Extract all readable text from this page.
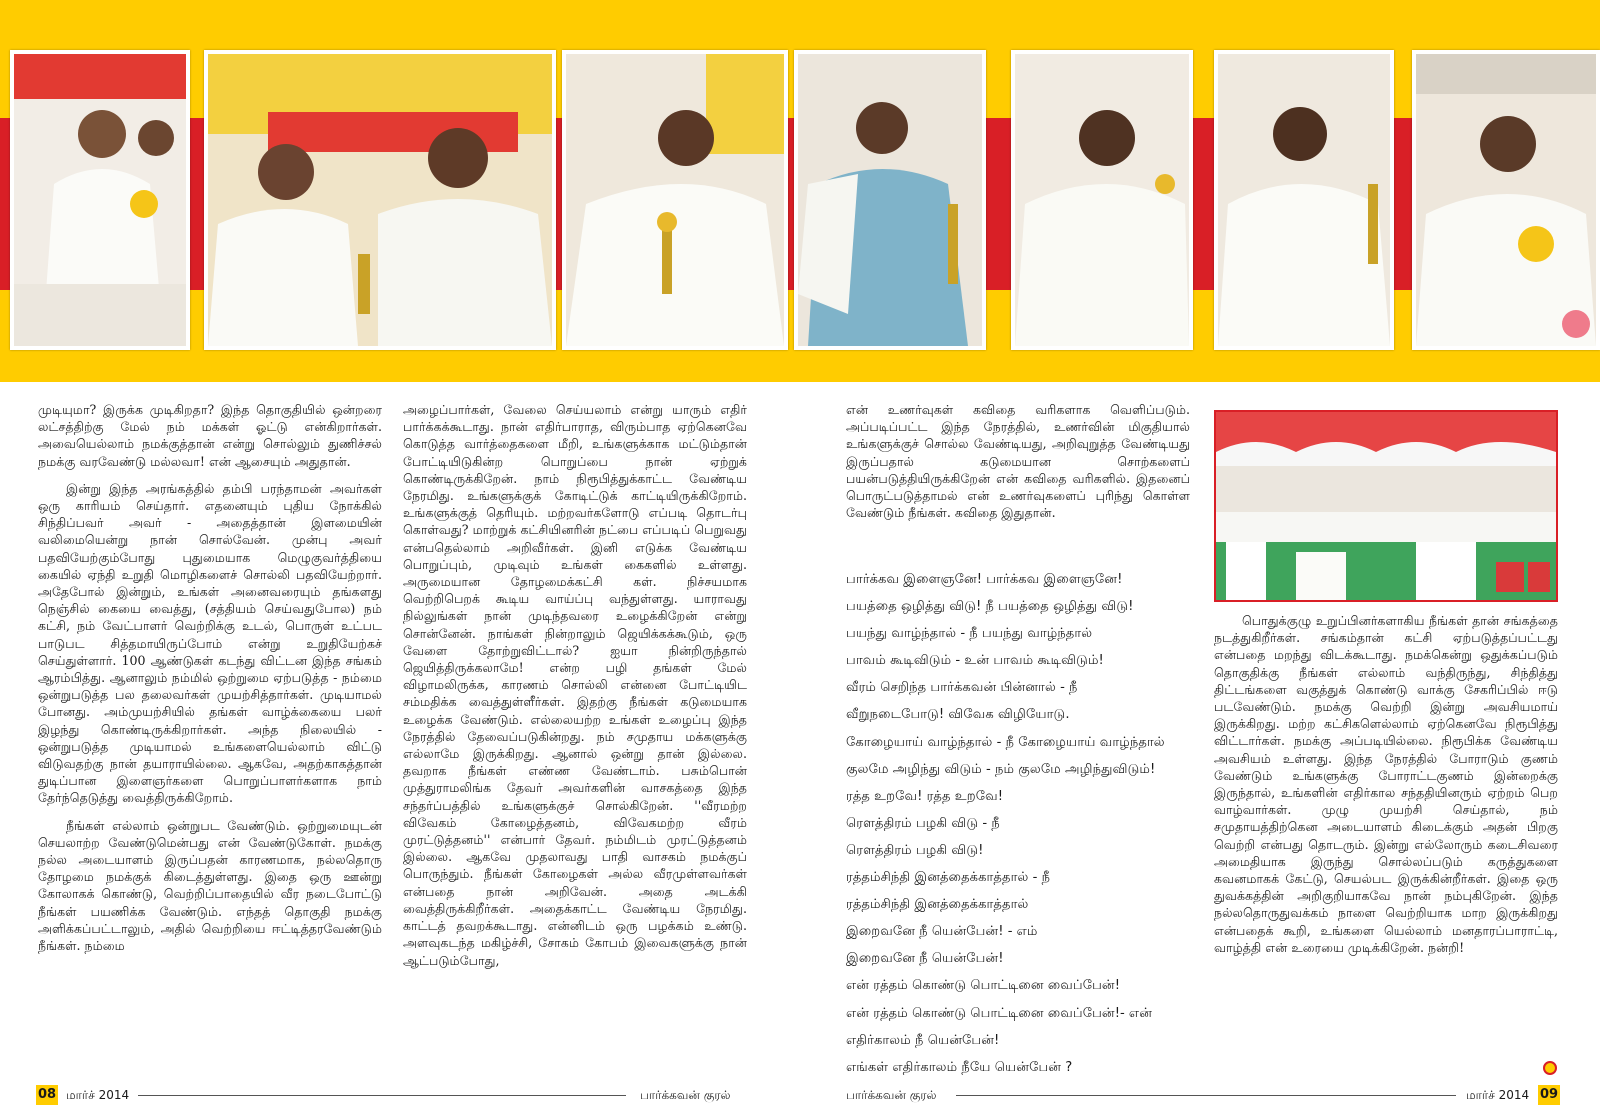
முடியுமா? இருக்க முடிகிறதா? இந்த தொகுதியில் ஒன்றரை லட்சத்திற்கு மேல் நம் மக்கள் ஓட்டு என்கிறார்கள். அவையெல்லாம் நமக்குத்தான் என்று சொல்லும் துணிச்சல் நமக்கு வரவேண்டு மல்லவா! என் ஆசையும் அதுதான்.

இன்று இந்த அரங்கத்தில் தம்பி பரந்தாமன் அவர்கள் ஒரு காரியம் செய்தார். எதனையும் புதிய நோக்கில் சிந்திப்பவர் அவர் - அதைத்தான் இளமையின் வலிமையென்று நான் சொல்வேன். முன்பு அவர் பதவியேற்கும்போது புதுமையாக மெழுகுவர்த்தியை கையில் ஏந்தி உறுதி மொழிகளைச் சொல்லி பதவியேற்றார். அதேபோல் இன்றும், உங்கள் அனைவரையும் தங்களது நெஞ்சில் கையை வைத்து, (சத்தியம் செய்வதுபோல) நம் கட்சி, நம் வேட்பாளர் வெற்றிக்கு உடல், பொருள் உட்பட பாடுபட சித்தமாயிருப்போம் என்று உறுதியேற்கச் செய்துள்ளார். 100 ஆண்டுகள் கடந்து விட்டன இந்த சங்கம் ஆரம்பித்து. ஆனாலும் நம்மில் ஒற்றுமை ஏற்படுத்த - நம்மை ஒன்றுபடுத்த பல தலைவர்கள் முயற்சித்தார்கள். முடியாமல் போனது. அம்முயற்சியில் தங்கள் வாழ்க்கையை பலர் இழந்து கொண்டிருக்கிறார்கள். அந்த நிலையில் - ஒன்றுபடுத்த முடியாமல் உங்களையெல்லாம் விட்டு விடுவதற்கு நான் தயாராயில்லை. ஆகவே, அதற்காகத்தான் துடிப்பான இளைஞர்களை பொறுப்பாளர்களாக நாம் தேர்ந்தெடுத்து வைத்திருக்கிறோம்.

நீங்கள் எல்லாம் ஒன்றுபட வேண்டும். ஒற்றுமையுடன் செயலாற்ற வேண்டுமென்பது என் வேண்டுகோள். நமக்கு நல்ல அடையாளம் இருப்பதன் காரணமாக, நல்லதொரு தோழமை நமக்குக் கிடைத்துள்ளது. இதை ஒரு ஊன்று கோலாகக் கொண்டு, வெற்றிப்பாதையில் வீர நடைபோட்டு நீங்கள் பயணிக்க வேண்டும். எந்தத் தொகுதி நமக்கு அளிக்கப்பட்டாலும், அதில் வெற்றியை ஈட்டித்தரவேண்டும் நீங்கள். நம்மை

அழைப்பார்கள், வேலை செய்யலாம் என்று யாரும் எதிர் பார்க்கக்கூடாது. நான் எதிர்பாராத, விரும்பாத ஏற்கெனவே கொடுத்த வார்த்தைகளை மீறி, உங்களுக்காக மட்டும்தான் போட்டியிடுகின்ற பொறுப்பை நான் ஏற்றுக் கொண்டிருக்கிறேன். நாம் நிரூபித்துக்காட்ட வேண்டிய நேரமிது. உங்களுக்குக் கோடிட்டுக் காட்டியிருக்கிறோம். உங்களுக்குத் தெரியும். மற்றவர்களோடு எப்படி தொடர்பு கொள்வது? மாற்றுக் கட்சியினரின் நட்பை எப்படிப் பெறுவது என்பதெல்லாம் அறிவீர்கள். இனி எடுக்க வேண்டிய பொறுப்பும், முடிவும் உங்கள் கைகளில் உள்ளது. அருமையான தோழமைக்கட்சி கள். நிச்சயமாக வெற்றிபெறக் கூடிய வாய்ப்பு வந்துள்ளது. யாராவது நில்லுங்கள் நான் முடிந்தவரை உழைக்கிறேன் என்று சொன்னேன். நாங்கள் நின்றாலும் ஜெயிக்கக்கூடும், ஒரு வேளை தோற்றுவிட்டால்? ஐயா நின்றிருந்தால் ஜெயித்திருக்கலாமே! என்ற பழி தங்கள் மேல் விழாமலிருக்க, காரணம் சொல்லி என்னை போட்டியிட சம்மதிக்க வைத்துள்ளீர்கள். இதற்கு நீங்கள் கடுமையாக உழைக்க வேண்டும். எல்லையற்ற உங்கள் உழைப்பு இந்த நேரத்தில் தேவைப்படுகின்றது. நம் சமுதாய மக்களுக்கு எல்லாமே இருக்கிறது. ஆனால் ஒன்று தான் இல்லை. தவறாக நீங்கள் எண்ண வேண்டாம். பசும்பொன் முத்துராமலிங்க தேவர் அவர்களின் வாசகத்தை இந்த சந்தர்ப்பத்தில் உங்களுக்குச் சொல்கிறேன். ''வீரமற்ற விவேகம் கோழைத்தனம், விவேகமற்ற வீரம் முரட்டுத்தனம்'' என்பார் தேவர். நம்மிடம் முரட்டுத்தனம் இல்லை. ஆகவே முதலாவது பாதி வாசகம் நமக்குப் பொருந்தும். நீங்கள் கோழைகள் அல்ல வீரமுள்ளவர்கள் என்பதை நான் அறிவேன். அதை அடக்கி வைத்திருக்கிறீர்கள். அதைக்காட்ட வேண்டிய நேரமிது. காட்டத் தவறக்கூடாது. என்னிடம் ஒரு பழக்கம் உண்டு. அளவுகடந்த மகிழ்ச்சி, சோகம் கோபம் இவைகளுக்கு நான் ஆட்படும்போது,

என் உணர்வுகள் கவிதை வரிகளாக வெளிப்படும். அப்படிப்பட்ட இந்த நேரத்தில், உணர்வின் மிகுதியால் உங்களுக்குச் சொல்ல வேண்டியது, அறிவுறுத்த வேண்டியது இருப்பதால் கடுமையான சொற்களைப் பயன்படுத்தியிருக்கிறேன் என் கவிதை வரிகளில். இதனைப் பொருட்படுத்தாமல் என் உணர்வுகளைப் புரிந்து கொள்ள வேண்டும் நீங்கள். கவிதை இதுதான்.

பார்க்கவ இளைஞனே! பார்க்கவ இளைஞனே!
பயத்தை ஒழித்து விடு! நீ பயத்தை ஒழித்து விடு!
பயந்து வாழ்ந்தால் - நீ பயந்து வாழ்ந்தால்
பாவம் கூடிவிடும் - உன் பாவம் கூடிவிடும்!
வீரம் செறிந்த பார்க்கவன் பின்னால் - நீ
வீறுநடைபோடு! விவேக விழியோடு.
கோழையாய் வாழ்ந்தால் - நீ கோழையாய் வாழ்ந்தால்
குலமே அழிந்து விடும் - நம் குலமே அழிந்துவிடும்!
ரத்த உறவே! ரத்த உறவே!
ரௌத்திரம் பழகி விடு - நீ
ரௌத்திரம் பழகி விடு!
ரத்தம்சிந்தி இனத்தைக்காத்தால் - நீ
ரத்தம்சிந்தி இனத்தைக்காத்தால்
இறைவனே நீ யென்பேன்! - எம்
இறைவனே நீ யென்பேன்!
என் ரத்தம் கொண்டு பொட்டினை வைப்பேன்!
என் ரத்தம் கொண்டு பொட்டினை வைப்பேன்!- என்
எதிர்காலம் நீ யென்பேன்!
எங்கள் எதிர்காலம் நீயே யென்பேன் ?

பொதுக்குழு உறுப்பினர்களாகிய நீங்கள் தான் சங்கத்தை நடத்துகிறீர்கள். சங்கம்தான் கட்சி ஏற்படுத்தப்பட்டது என்பதை மறந்து விடக்கூடாது. நமக்கென்று ஒதுக்கப்படும் தொகுதிக்கு நீங்கள் எல்லாம் வந்திருந்து, சிந்தித்து திட்டங்களை வகுத்துக் கொண்டு வாக்கு சேகரிப்பில் ஈடு படவேண்டும். நமக்கு வெற்றி இன்று அவசியமாய் இருக்கிறது. மற்ற கட்சிகளெல்லாம் ஏற்கெனவே நிரூபித்து விட்டார்கள். நமக்கு அப்படியில்லை. நிரூபிக்க வேண்டிய அவசியம் உள்ளது. இந்த நேரத்தில் போராடும் குணம் வேண்டும் உங்களுக்கு போராட்டகுணம் இன்றைக்கு இருந்தால், உங்களின் எதிர்கால சந்ததியினரும் ஏற்றம் பெற வாழ்வார்கள். முழு முயற்சி செய்தால், நம் சமுதாயத்திற்கென அடையாளம் கிடைக்கும் அதன் பிறகு வெற்றி என்பது தொடரும். இன்று எல்லோரும் கடைசிவரை அமைதியாக இருந்து சொல்லப்படும் கருத்துகளை கவனமாகக் கேட்டு, செயல்பட இருக்கின்றீர்கள். இதை ஒரு துவக்கத்தின் அறிகுறியாகவே நான் நம்புகிறேன். இந்த நல்லதொருதுவக்கம் நாளை வெற்றியாக மாற இருக்கிறது என்பதைக் கூறி, உங்களை யெல்லாம் மனதாரப்பாராட்டி, வாழ்த்தி என் உரையை முடிக்கிறேன். நன்றி!

08 மார்ச் 2014	பார்க்கவன் குரல்	பார்க்கவன் குரல்	மார்ச் 2014 09
